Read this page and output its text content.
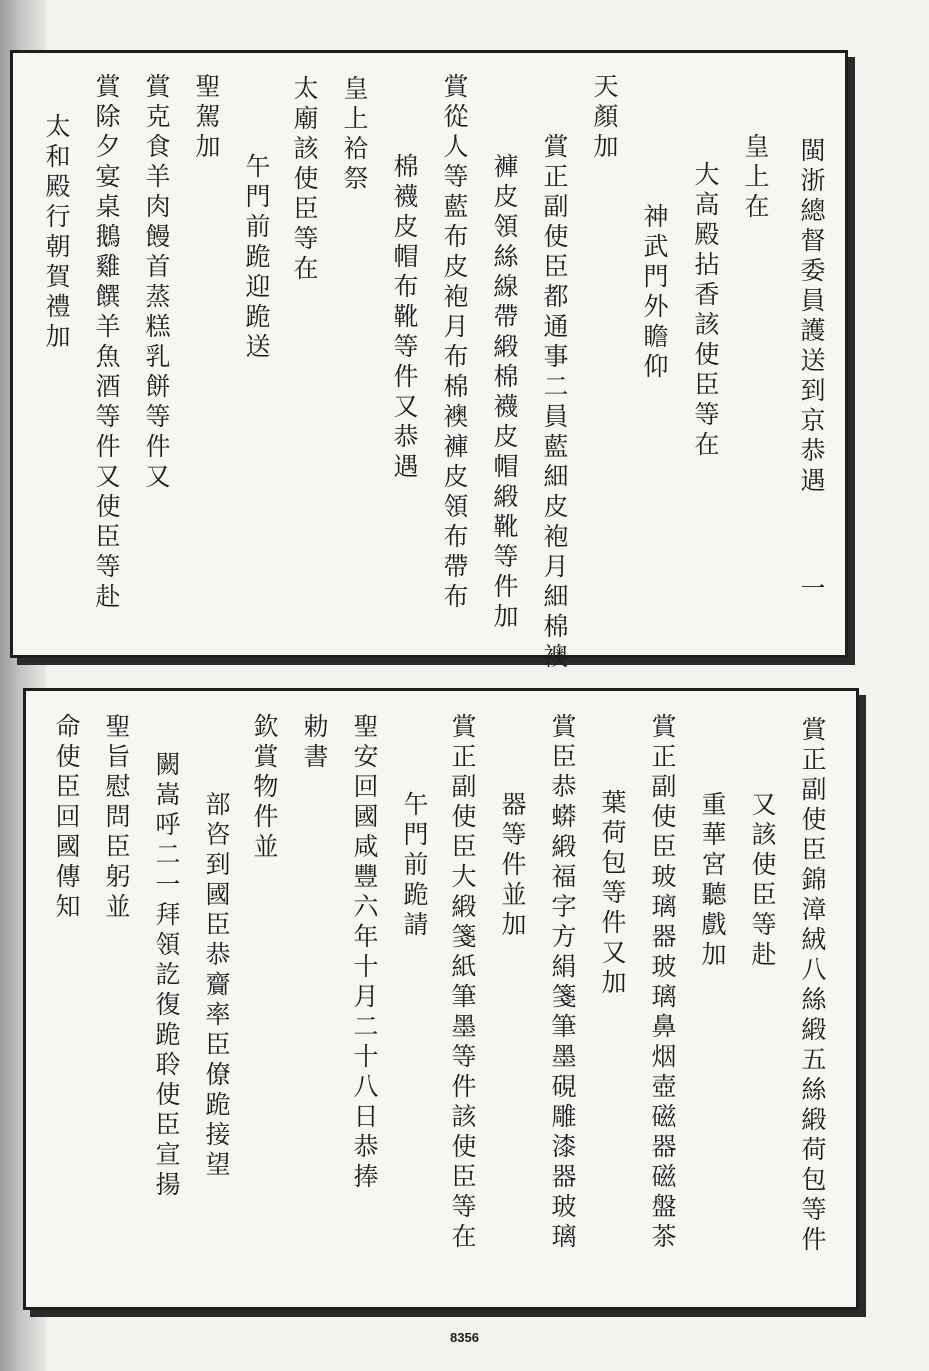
閩浙總督委員護送到京恭遇

皇上在

大高殿拈香該使臣等在

神武門外瞻仰

天顏加

賞正副使臣都通事二員藍細皮袍月細棉襖

褲皮領絲線帶緞棉襪皮帽緞靴等件加

賞從人等藍布皮袍月布棉襖褲皮領布帶布

棉襪皮帽布靴等件又恭遇

皇上祫祭

太廟該使臣等在

午門前跪迎跪送

聖駕加

賞克食羊肉饅首蒸糕乳餅等件又

賞除夕宴桌鵝雞饌羊魚酒等件又使臣等赴

太和殿行朝賀禮加

一

賞正副使臣錦漳絨八絲緞五絲緞荷包等件

又該使臣等赴

重華宮聽戲加

賞正副使臣玻璃器玻璃鼻烟壺磁器磁盤茶

葉荷包等件又加

賞臣恭蟒緞福字方絹箋筆墨硯雕漆器玻璃

器等件並加

賞正副使臣大緞箋紙筆墨等件該使臣等在

午門前跪請

聖安回國咸豐六年十月二十八日恭捧

勅書

欽賞物件並

部咨到國臣恭齎率臣僚跪接望

闕嵩呼二一拜領訖復跪聆使臣宣揚

聖旨慰問臣躬並

命使臣回國傳知

8356
